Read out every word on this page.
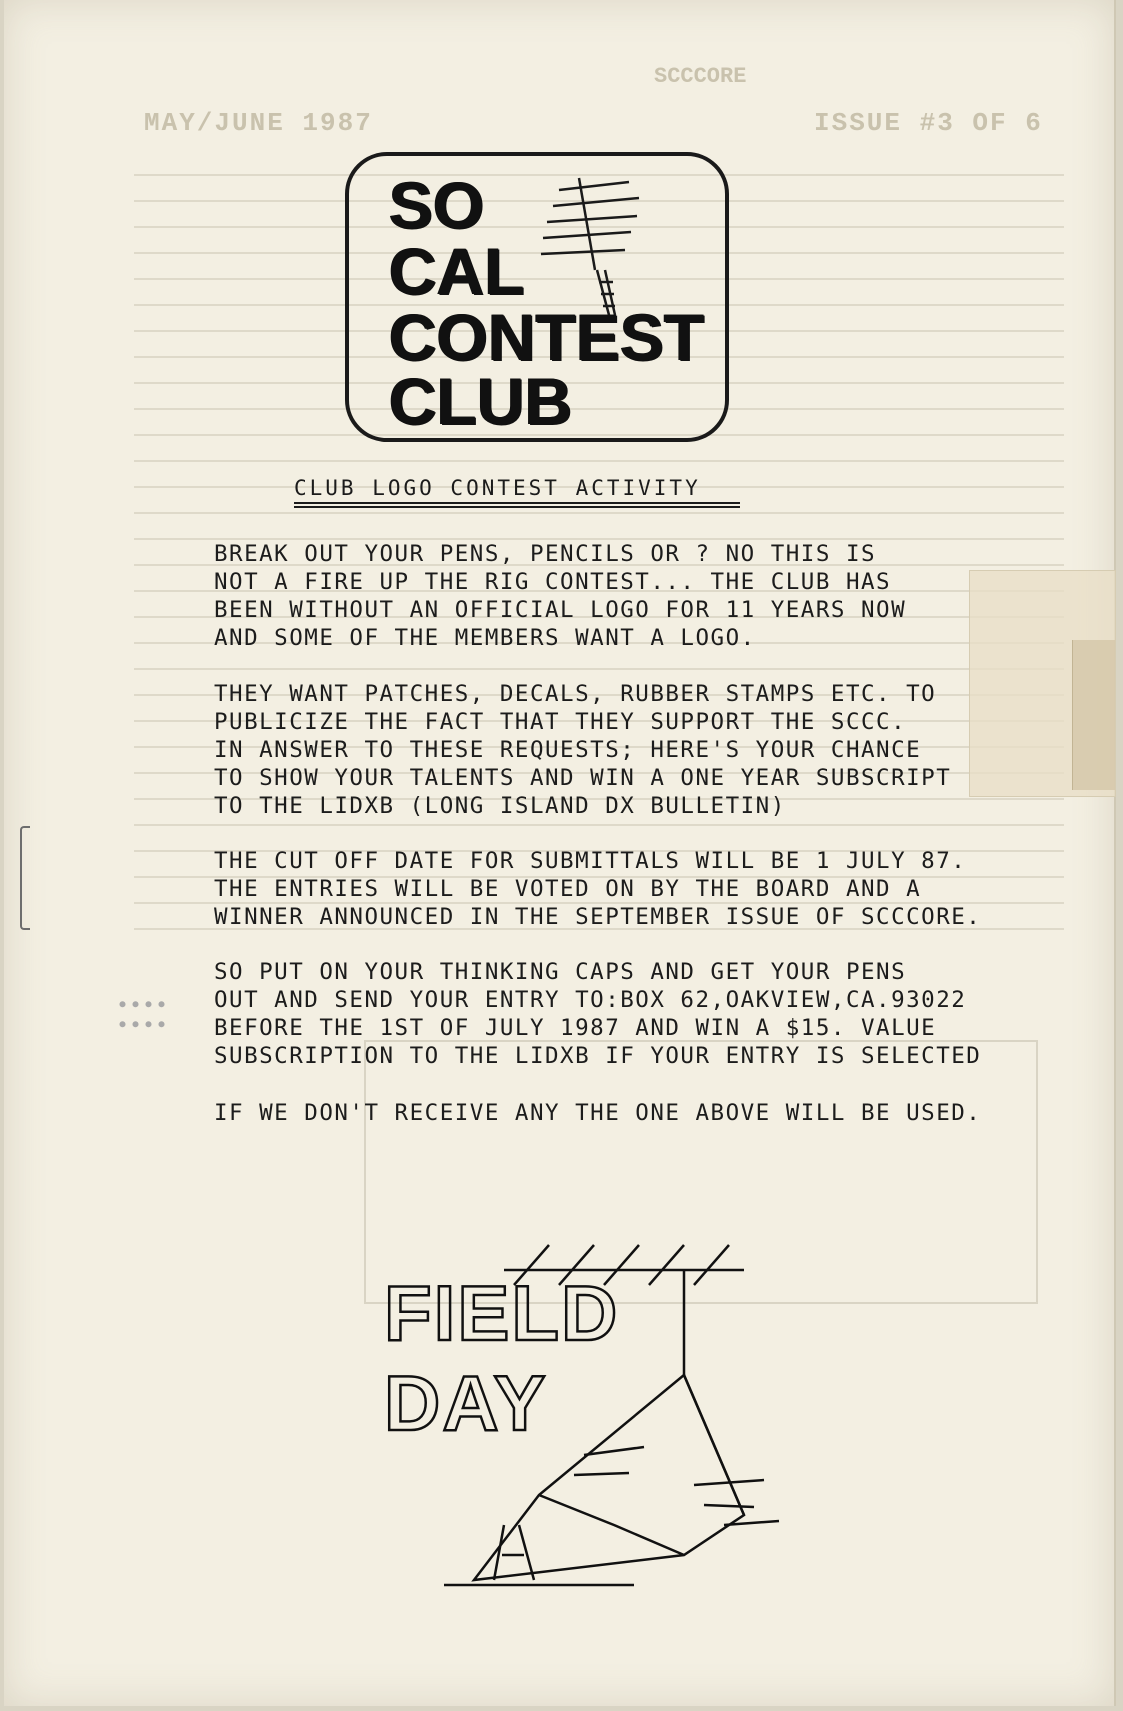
SCCCORE
MAY/JUNE 1987	ISSUE #3 OF 6
⦁⦁⦁⦁
⦁⦁⦁⦁
SO
CAL
CONTEST
CLUB
CLUB LOGO CONTEST ACTIVITY

BREAK OUT YOUR PENS, PENCILS OR ? NO THIS IS
NOT A FIRE UP THE RIG CONTEST... THE CLUB HAS
BEEN WITHOUT AN OFFICIAL LOGO FOR 11 YEARS NOW
AND SOME OF THE MEMBERS WANT A LOGO.

THEY WANT PATCHES, DECALS, RUBBER STAMPS ETC. TO
PUBLICIZE THE FACT THAT THEY SUPPORT THE SCCC.
IN ANSWER TO THESE REQUESTS; HERE'S YOUR CHANCE
TO SHOW YOUR TALENTS AND WIN A ONE YEAR SUBSCRIPT
TO THE LIDXB (LONG ISLAND DX BULLETIN)

THE CUT OFF DATE FOR SUBMITTALS WILL BE 1 JULY 87.
THE ENTRIES WILL BE VOTED ON BY THE BOARD AND A
WINNER ANNOUNCED IN THE SEPTEMBER ISSUE OF SCCCORE.

SO PUT ON YOUR THINKING CAPS AND GET YOUR PENS
OUT AND SEND YOUR ENTRY TO:BOX 62,OAKVIEW,CA.93022
BEFORE THE 1ST OF JULY 1987 AND WIN A $15. VALUE
SUBSCRIPTION TO THE LIDXB IF YOUR ENTRY IS SELECTED

IF WE DON'T RECEIVE ANY THE ONE ABOVE WILL BE USED.

FIELD
DAY
